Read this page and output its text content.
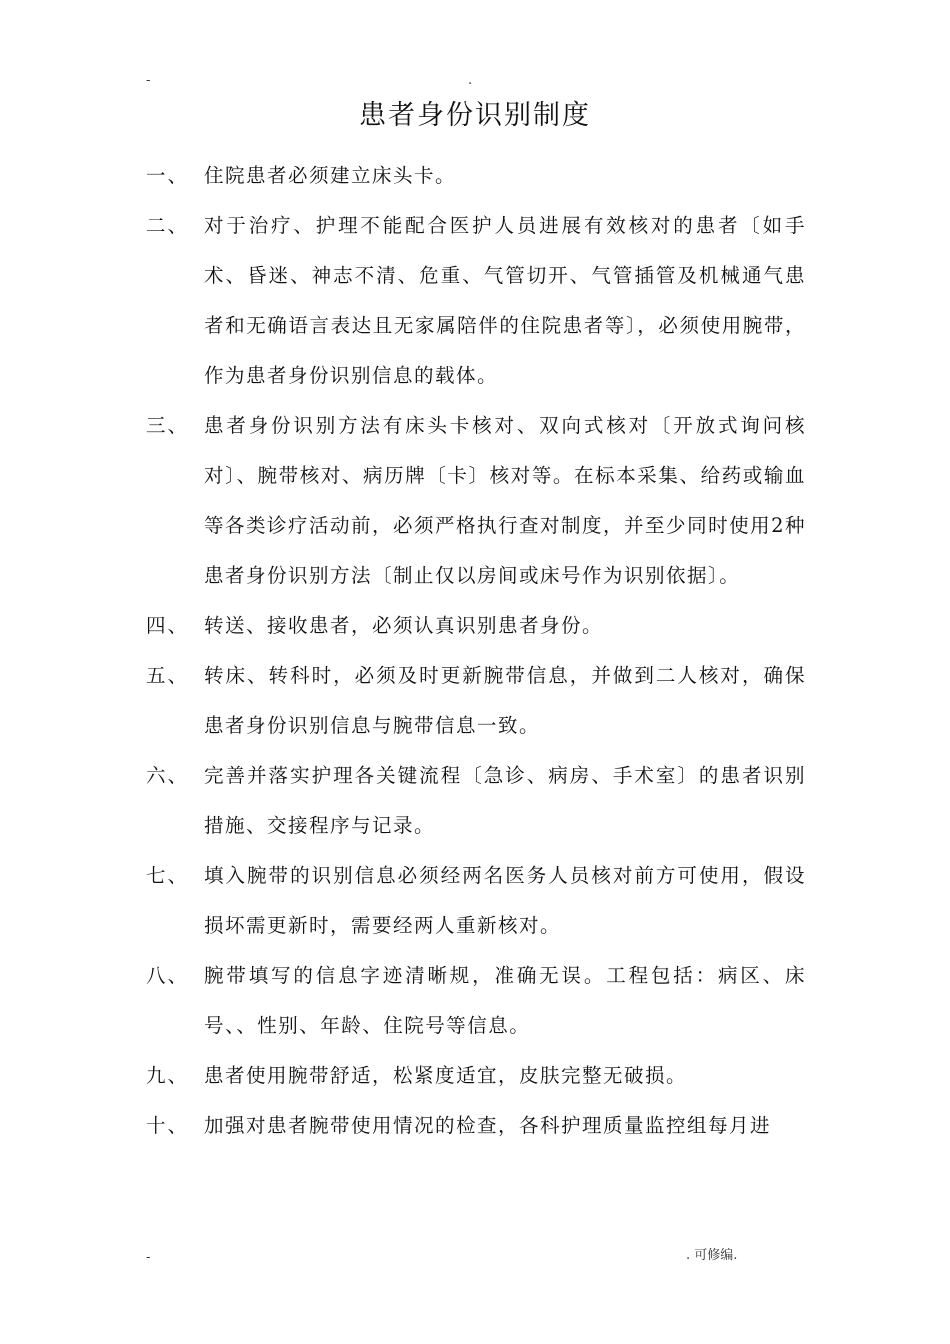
-	.
患者身份识别制度
一、 住院患者必须建立床头卡。
二、 对于治疗、护理不能配合医护人员进展有效核对的患者〔如手术、昏迷、神志不清、危重、气管切开、气管插管及机械通气患者和无确语言表达且无家属陪伴的住院患者等〕，必须使用腕带，作为患者身份识别信息的载体。
三、 患者身份识别方法有床头卡核对、双向式核对〔开放式询问核对〕、腕带核对、病历牌〔卡〕核对等。在标本采集、给药或输血等各类诊疗活动前，必须严格执行查对制度，并至少同时使用2种患者身份识别方法〔制止仅以房间或床号作为识别依据〕。
四、 转送、接收患者，必须认真识别患者身份。
五、 转床、转科时，必须及时更新腕带信息，并做到二人核对，确保患者身份识别信息与腕带信息一致。
六、 完善并落实护理各关键流程〔急诊、病房、手术室〕的患者识别措施、交接程序与记录。
七、 填入腕带的识别信息必须经两名医务人员核对前方可使用，假设损坏需更新时，需要经两人重新核对。
八、 腕带填写的信息字迹清晰规，准确无误。工程包括：病区、床号、、性别、年龄、住院号等信息。
九、 患者使用腕带舒适，松紧度适宜，皮肤完整无破损。
十、 加强对患者腕带使用情况的检查，各科护理质量监控组每月进
-	. 可修编.
